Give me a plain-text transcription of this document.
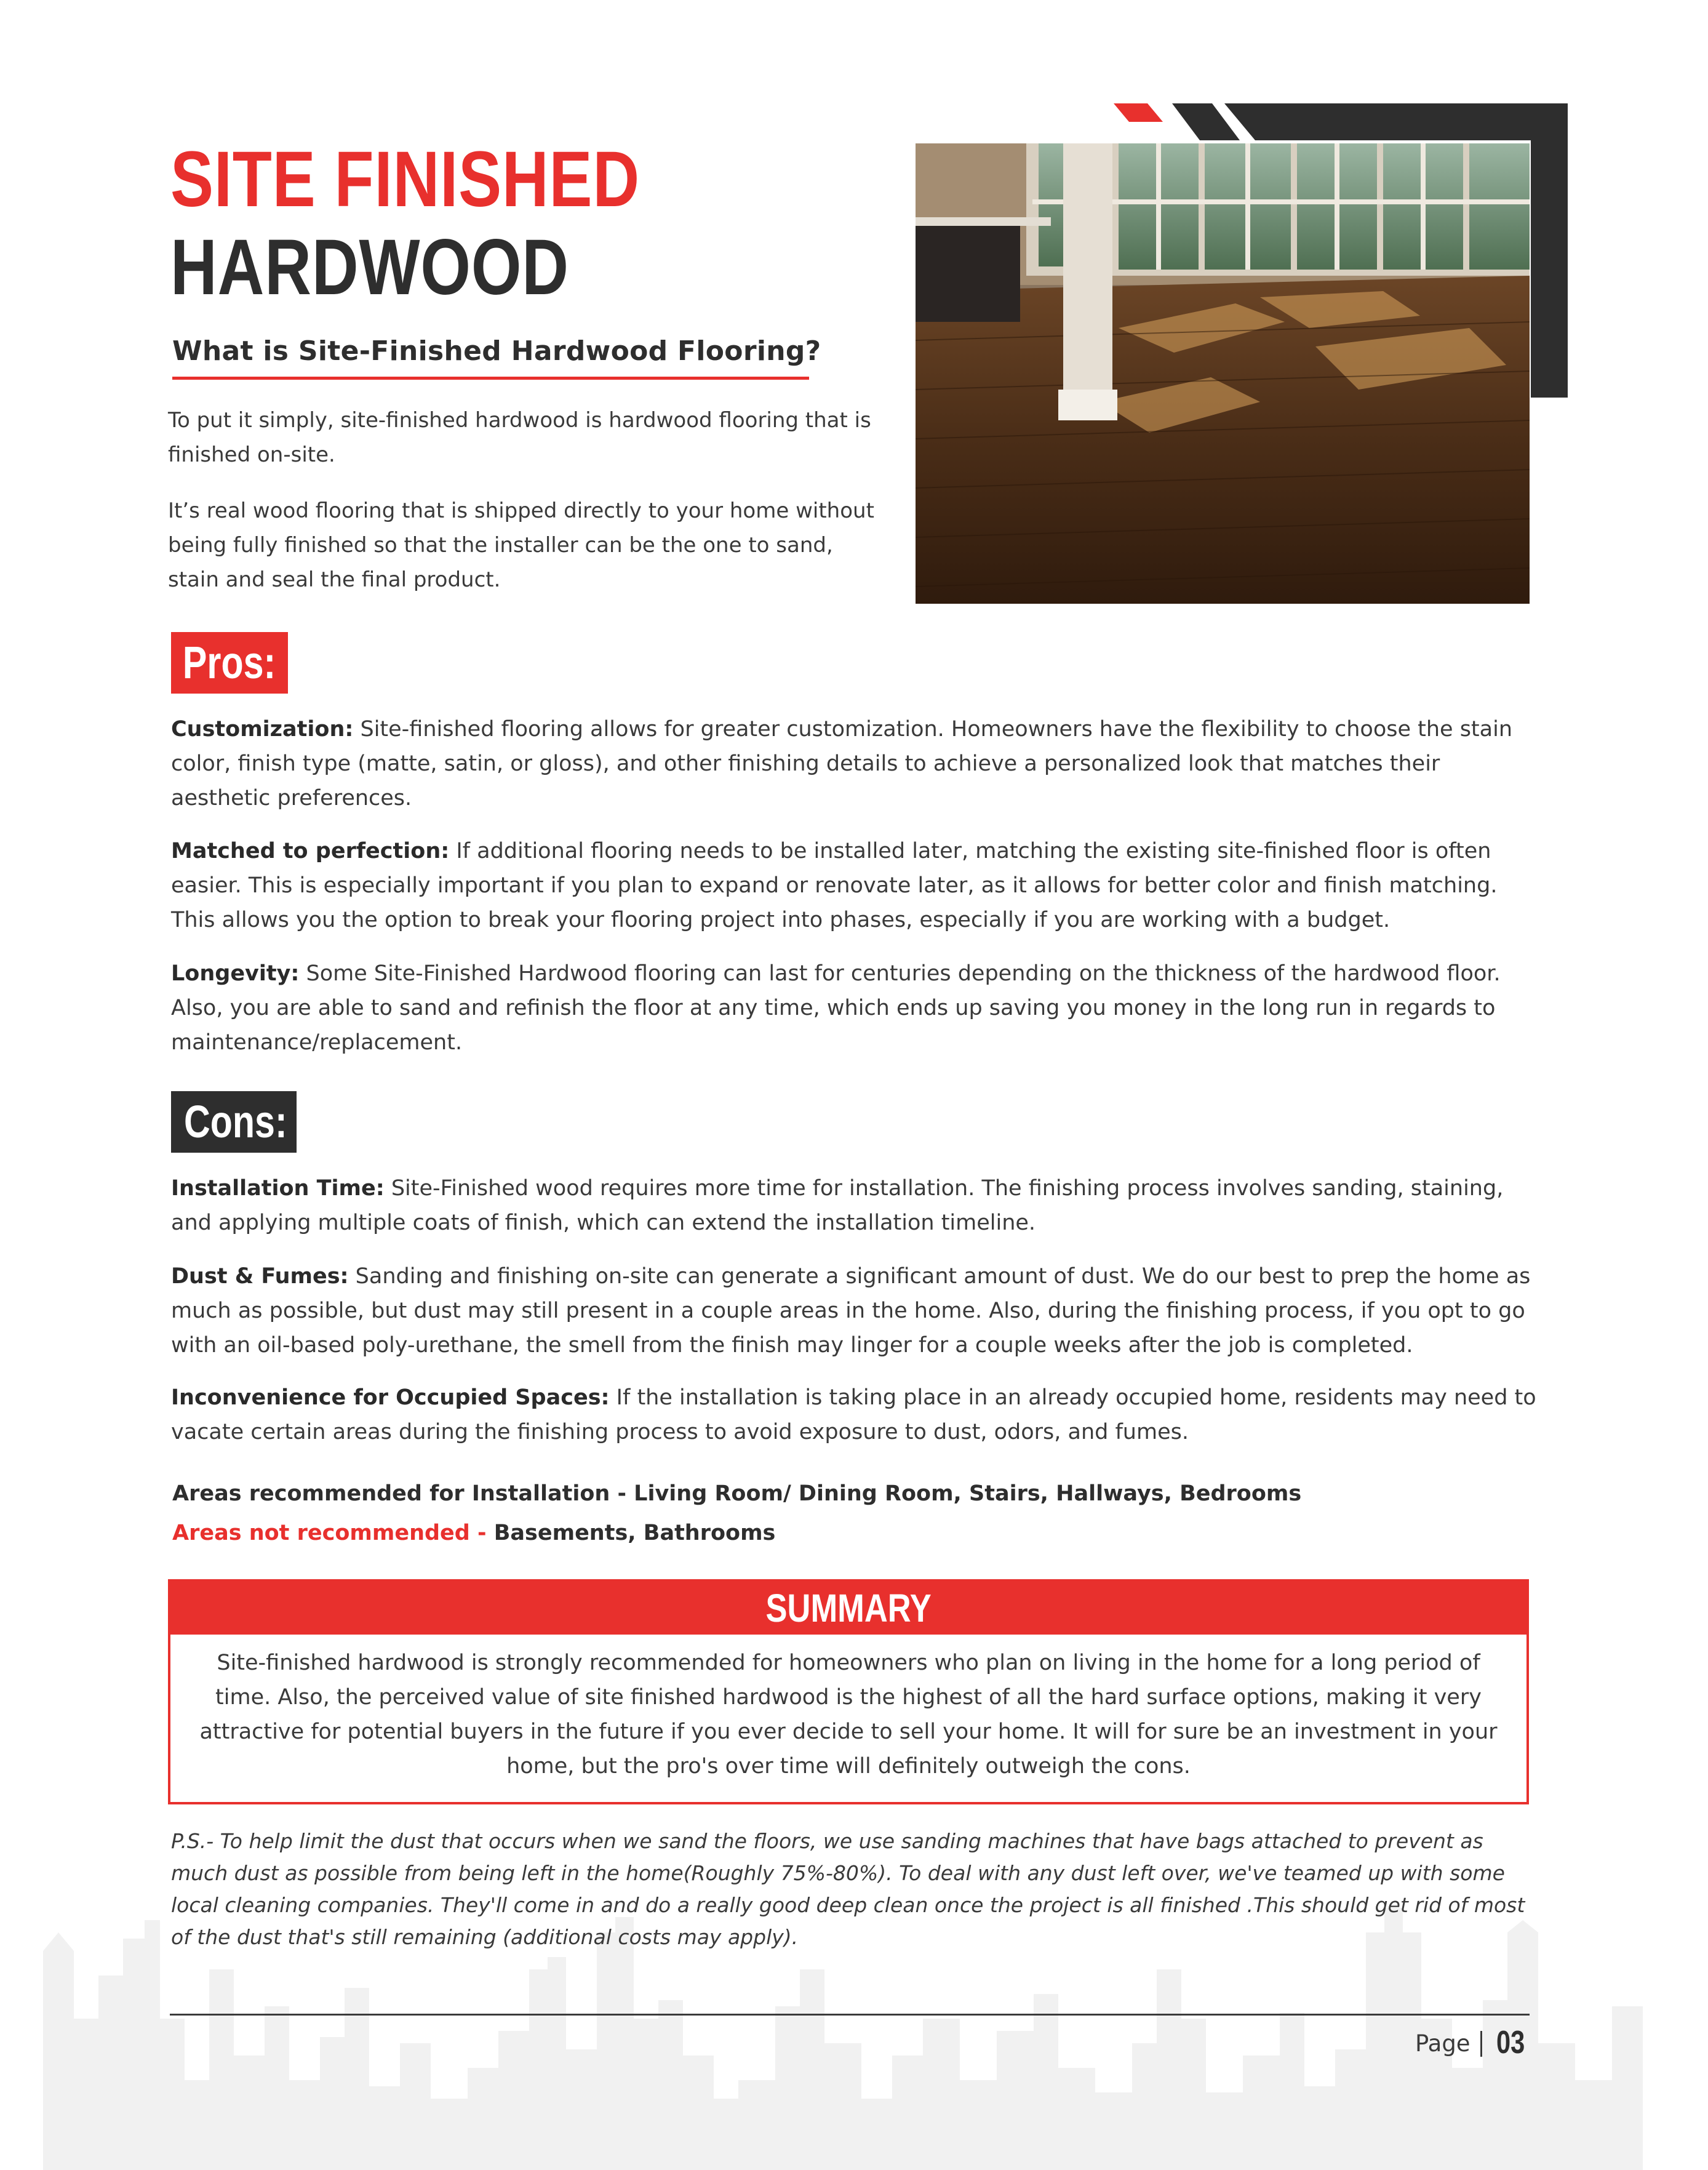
SITE FINISHED
HARDWOOD
What is Site-Finished Hardwood Flooring?

To put it simply, site-finished hardwood is hardwood flooring that is finished on-site.

It’s real wood flooring that is shipped directly to your home without being fully finished so that the installer can be the one to sand, stain and seal the final product.

Pros:

Customization: Site-finished flooring allows for greater customization. Homeowners have the flexibility to choose the stain color, finish type (matte, satin, or gloss), and other finishing details to achieve a personalized look that matches their aesthetic preferences.

Matched to perfection: If additional flooring needs to be installed later, matching the existing site-finished floor is often easier. This is especially important if you plan to expand or renovate later, as it allows for better color and finish matching. This allows you the option to break your flooring project into phases, especially if you are working with a budget.

Longevity: Some Site-Finished Hardwood flooring can last for centuries depending on the thickness of the hardwood floor. Also, you are able to sand and refinish the floor at any time, which ends up saving you money in the long run in regards to maintenance/replacement.

Cons:

Installation Time: Site-Finished wood requires more time for installation. The finishing process involves sanding, staining, and applying multiple coats of finish, which can extend the installation timeline.

Dust & Fumes: Sanding and finishing on-site can generate a significant amount of dust. We do our best to prep the home as much as possible, but dust may still present in a couple areas in the home. Also, during the finishing process, if you opt to go with an oil-based poly-urethane, the smell from the finish may linger for a couple weeks after the job is completed.

Inconvenience for Occupied Spaces: If the installation is taking place in an already occupied home, residents may need to vacate certain areas during the finishing process to avoid exposure to dust, odors, and fumes.

Areas recommended for Installation - Living Room/ Dining Room, Stairs, Hallways, Bedrooms

Areas not recommended - Basements, Bathrooms

SUMMARY

Site-finished hardwood is strongly recommended for homeowners who plan on living in the home for a long period of time. Also, the perceived value of site finished hardwood is the highest of all the hard surface options, making it very attractive for potential buyers in the future if you ever decide to sell your home. It will for sure be an investment in your home, but the pro's over time will definitely outweigh the cons.

P.S.- To help limit the dust that occurs when we sand the floors, we use sanding machines that have bags attached to prevent as much dust as possible from being left in the home(Roughly 75%-80%). To deal with any dust left over, we've teamed up with some local cleaning companies. They'll come in and do a really good deep clean once the project is all finished .This should get rid of most of the dust that's still remaining (additional costs may apply).

Page 03
